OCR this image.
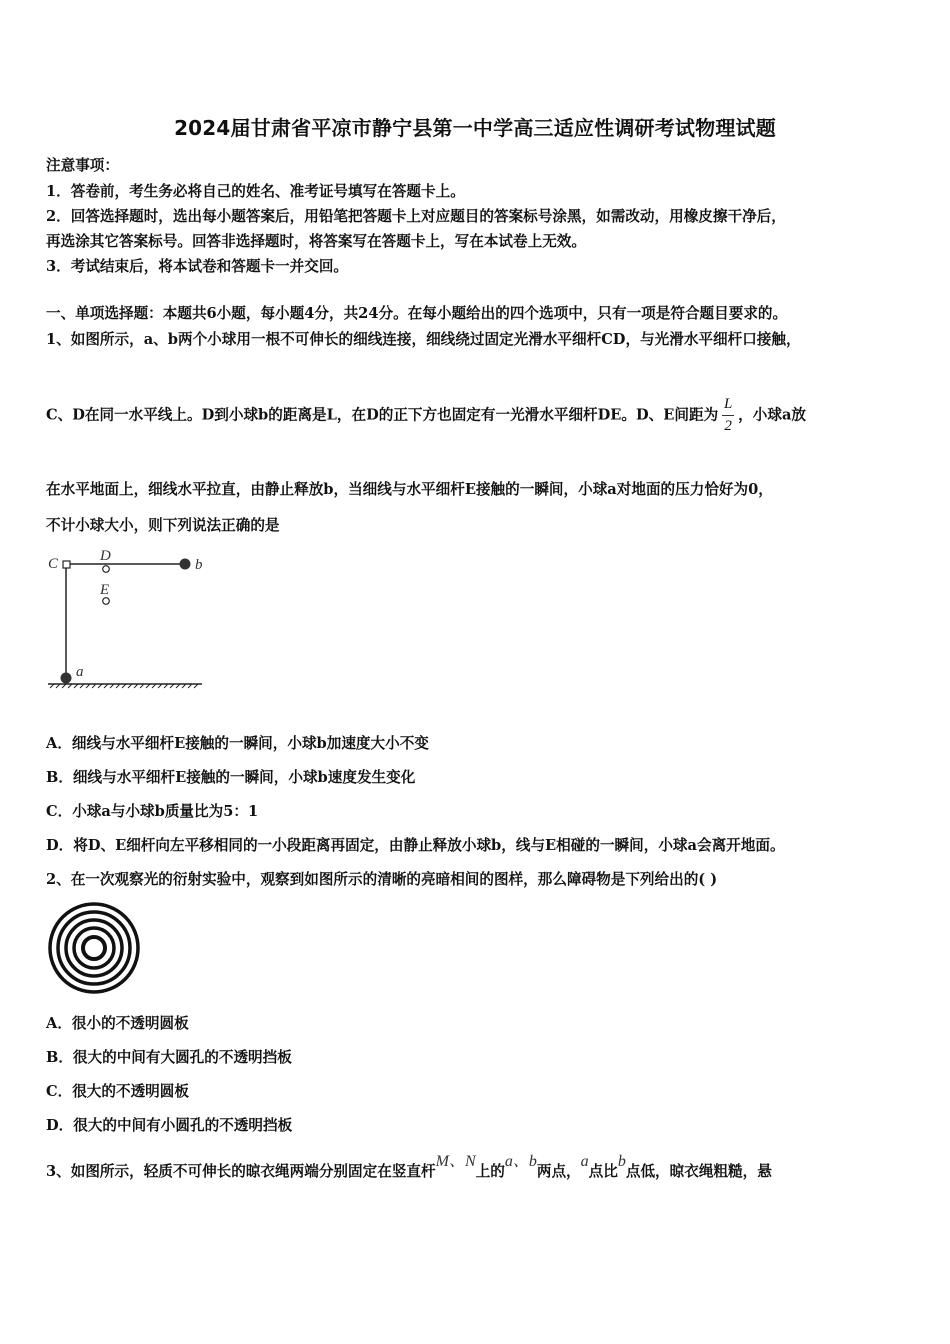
2024届甘肃省平凉市静宁县第一中学高三适应性调研考试物理试题
注意事项：
1．答卷前，考生务必将自己的姓名、准考证号填写在答题卡上。
2．回答选择题时，选出每小题答案后，用铅笔把答题卡上对应题目的答案标号涂黑，如需改动，用橡皮擦干净后，
再选涂其它答案标号。回答非选择题时，将答案写在答题卡上，写在本试卷上无效。
3．考试结束后，将本试卷和答题卡一并交回。
一、单项选择题：本题共6小题，每小题4分，共24分。在每小题给出的四个选项中，只有一项是符合题目要求的。
1、如图所示，a、b两个小球用一根不可伸长的细线连接，细线绕过固定光滑水平细杆CD，与光滑水平细杆口接触，
C、D在同一水平线上。D到小球b的距离是L，在D的正下方也固定有一光滑水平细杆DE。D、E间距为 $\frac{L}{2}$ ，小球a放
在水平地面上，细线水平拉直，由静止释放b，当细线与水平细杆E接触的一瞬间，小球a对地面的压力恰好为0，
不计小球大小，则下列说法正确的是
C	D
E
b
a
A．细线与水平细杆E接触的一瞬间，小球b加速度大小不变
B．细线与水平细杆E接触的一瞬间，小球b速度发生变化
C．小球a与小球b质量比为5：1
D．将D、E细杆向左平移相同的一小段距离再固定，由静止释放小球b，线与E相碰的一瞬间，小球a会离开地面。
2、在一次观察光的衍射实验中，观察到如图所示的清晰的亮暗相间的图样，那么障碍物是下列给出的( )
A．很小的不透明圆板
B．很大的中间有大圆孔的不透明挡板
C．很大的不透明圆板
D．很大的中间有小圆孔的不透明挡板
3、如图所示，轻质不可伸长的晾衣绳两端分别固定在竖直杆M、N上的a、b两点，a点比b点低，晾衣绳粗糙，悬
